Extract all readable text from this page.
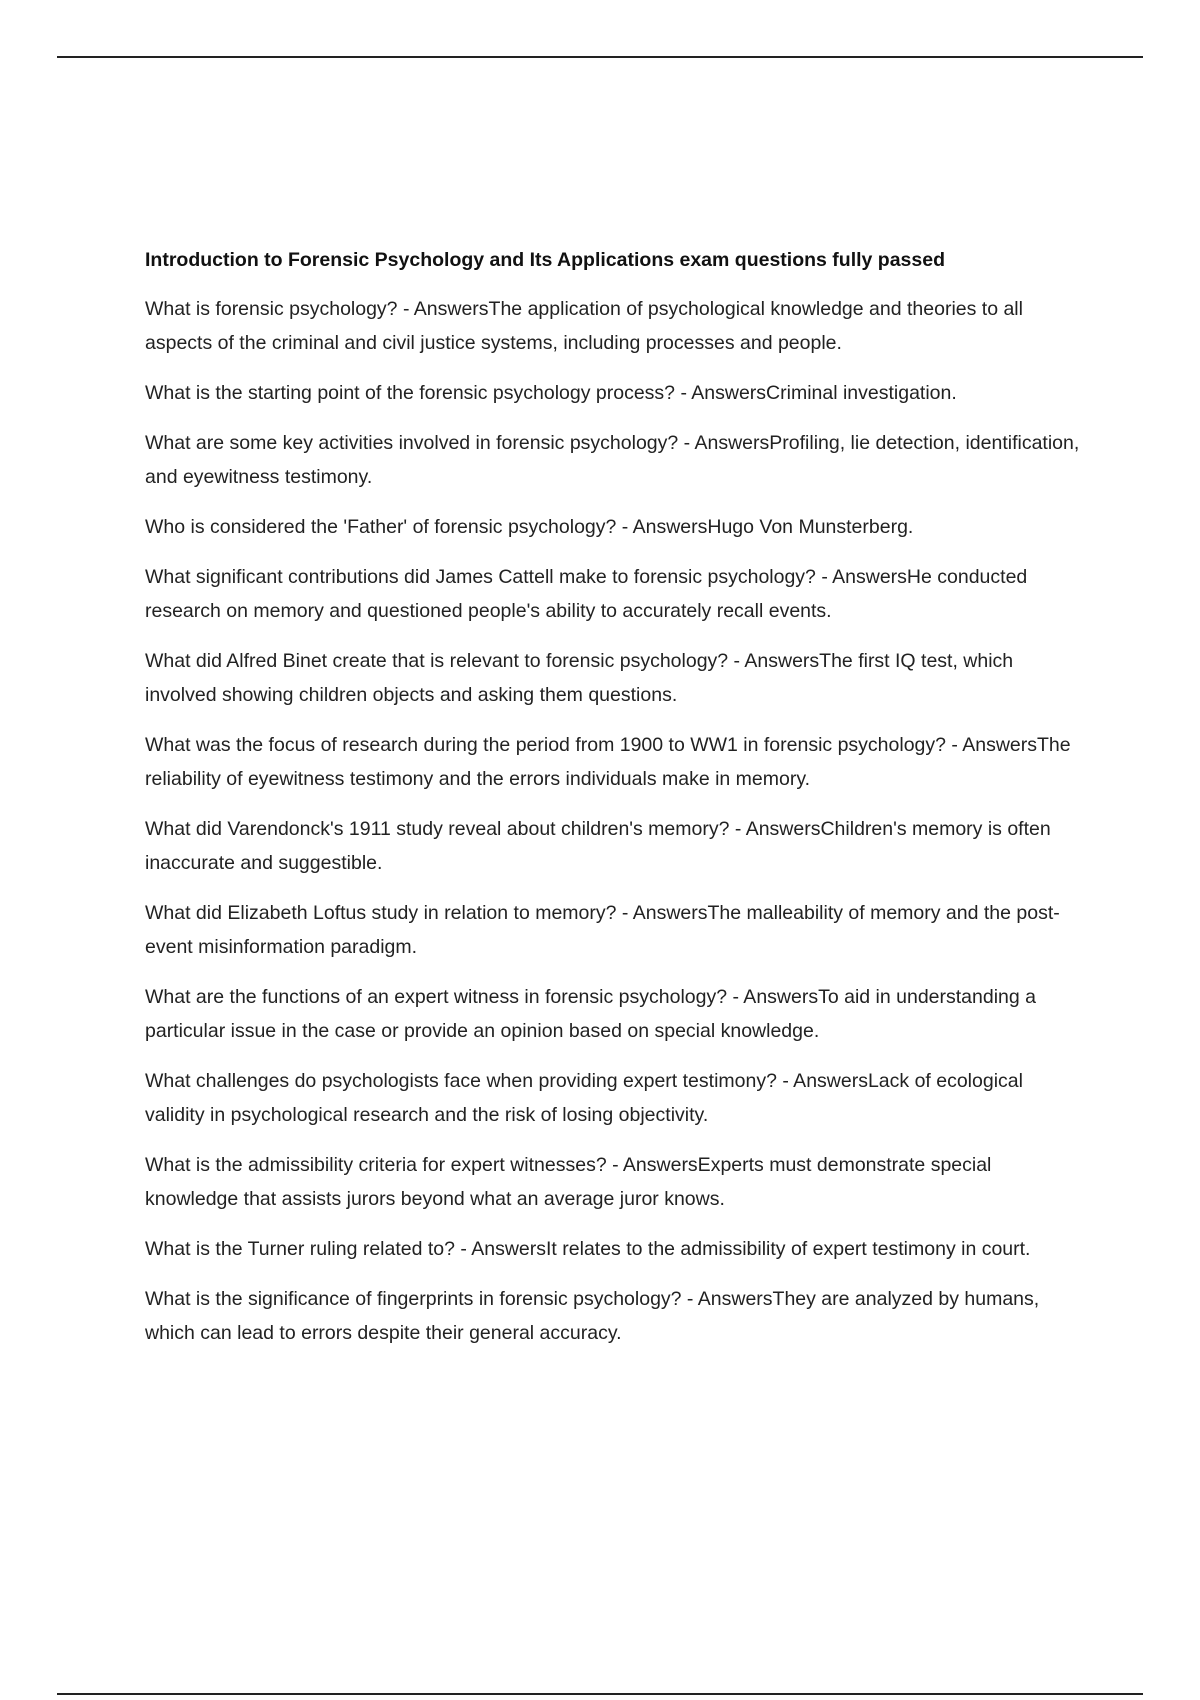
Introduction to Forensic Psychology and Its Applications exam questions fully passed

What is forensic psychology? - AnswersThe application of psychological knowledge and theories to all aspects of the criminal and civil justice systems, including processes and people.

What is the starting point of the forensic psychology process? - AnswersCriminal investigation.

What are some key activities involved in forensic psychology? - AnswersProfiling, lie detection, identification, and eyewitness testimony.

Who is considered the 'Father' of forensic psychology? - AnswersHugo Von Munsterberg.

What significant contributions did James Cattell make to forensic psychology? - AnswersHe conducted research on memory and questioned people's ability to accurately recall events.

What did Alfred Binet create that is relevant to forensic psychology? - AnswersThe first IQ test, which involved showing children objects and asking them questions.

What was the focus of research during the period from 1900 to WW1 in forensic psychology? - AnswersThe reliability of eyewitness testimony and the errors individuals make in memory.

What did Varendonck's 1911 study reveal about children's memory? - AnswersChildren's memory is often inaccurate and suggestible.

What did Elizabeth Loftus study in relation to memory? - AnswersThe malleability of memory and the post-event misinformation paradigm.

What are the functions of an expert witness in forensic psychology? - AnswersTo aid in understanding a particular issue in the case or provide an opinion based on special knowledge.

What challenges do psychologists face when providing expert testimony? - AnswersLack of ecological validity in psychological research and the risk of losing objectivity.

What is the admissibility criteria for expert witnesses? - AnswersExperts must demonstrate special knowledge that assists jurors beyond what an average juror knows.

What is the Turner ruling related to? - AnswersIt relates to the admissibility of expert testimony in court.

What is the significance of fingerprints in forensic psychology? - AnswersThey are analyzed by humans, which can lead to errors despite their general accuracy.
